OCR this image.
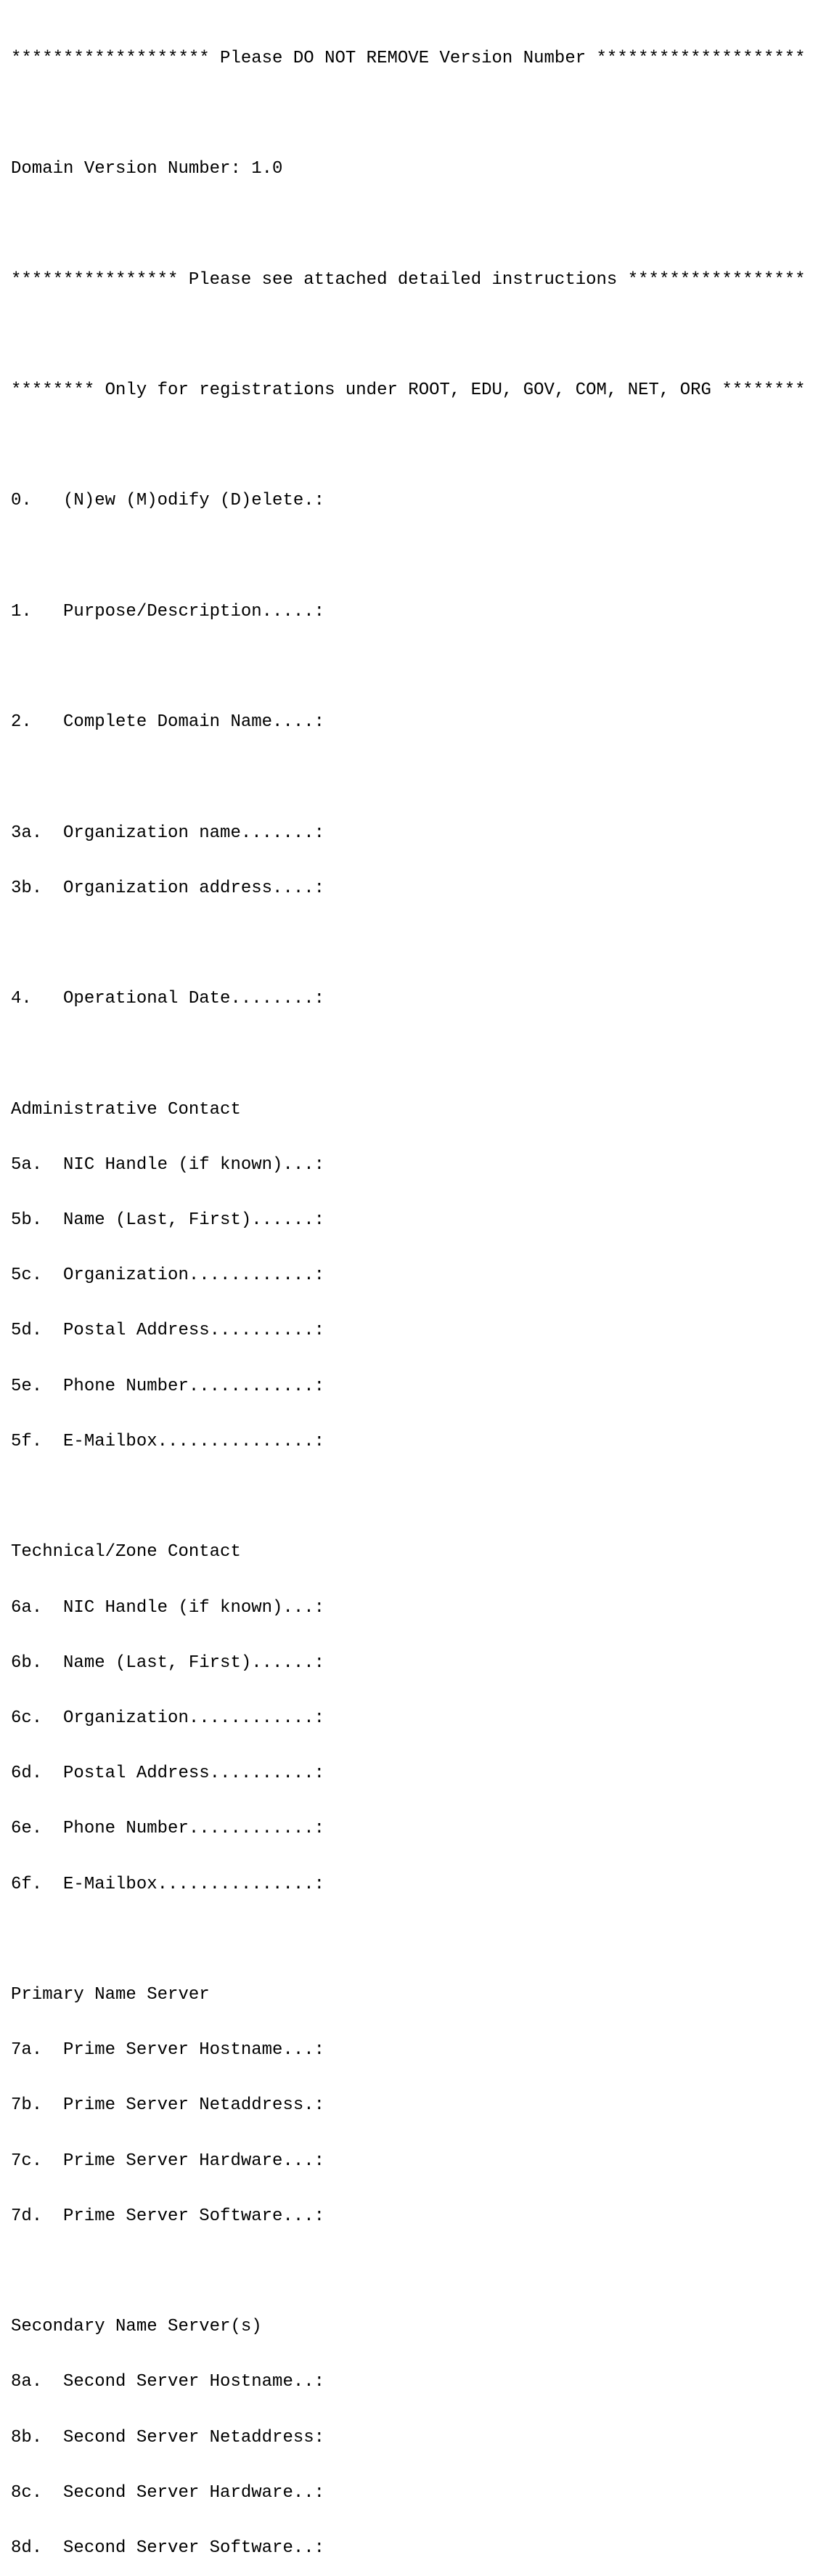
******************* Please DO NOT REMOVE Version Number ********************

Domain Version Number: 1.0

**************** Please see attached detailed instructions *****************

******** Only for registrations under ROOT, EDU, GOV, COM, NET, ORG ********

0.   (N)ew (M)odify (D)elete.:

1.   Purpose/Description.....:

2.   Complete Domain Name....:

3a.  Organization name.......:

3b.  Organization address....:

4.   Operational Date........:

Administrative Contact

5a.  NIC Handle (if known)...:

5b.  Name (Last, First)......:

5c.  Organization............:

5d.  Postal Address..........:

5e.  Phone Number............:

5f.  E-Mailbox...............:

Technical/Zone Contact

6a.  NIC Handle (if known)...:

6b.  Name (Last, First)......:

6c.  Organization............:

6d.  Postal Address..........:

6e.  Phone Number............:

6f.  E-Mailbox...............:

Primary Name Server

7a.  Prime Server Hostname...:

7b.  Prime Server Netaddress.:

7c.  Prime Server Hardware...:

7d.  Prime Server Software...:

Secondary Name Server(s)

8a.  Second Server Hostname..:

8b.  Second Server Netaddress:

8c.  Second Server Hardware..:

8d.  Second Server Software..:
